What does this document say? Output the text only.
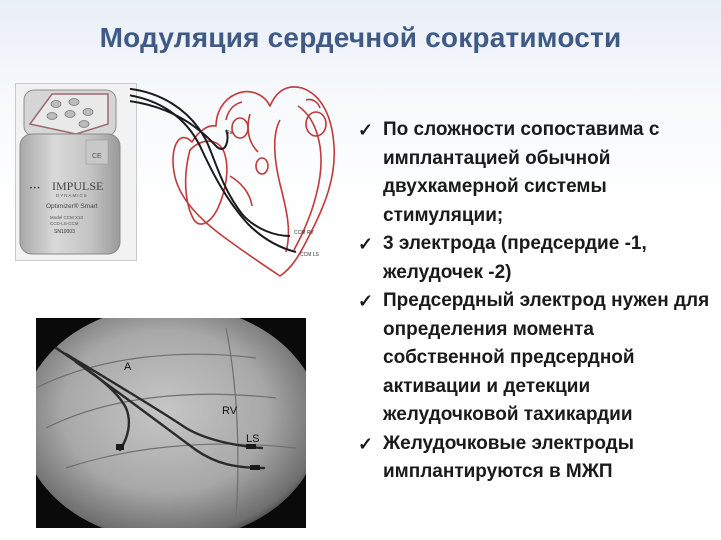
Модуляция сердечной сократимости
CE
• • • IMPULSE
DYNAMICS
Optimizer® Smart
Model CCM X10
CCD-LS-CCM
SN10003
Ra
CCM RV
CCM LS
A
RV
LS
✓ По сложности сопоставима с имплантацией обычной двухкамерной системы стимуляции;
✓ 3 электрода (предсердие -1, желудочек -2)
✓ Предсердный электрод нужен для определения момента собственной предсердной активации и детекции желудочковой тахикардии
✓ Желудочковые электроды имплантируются в МЖП
